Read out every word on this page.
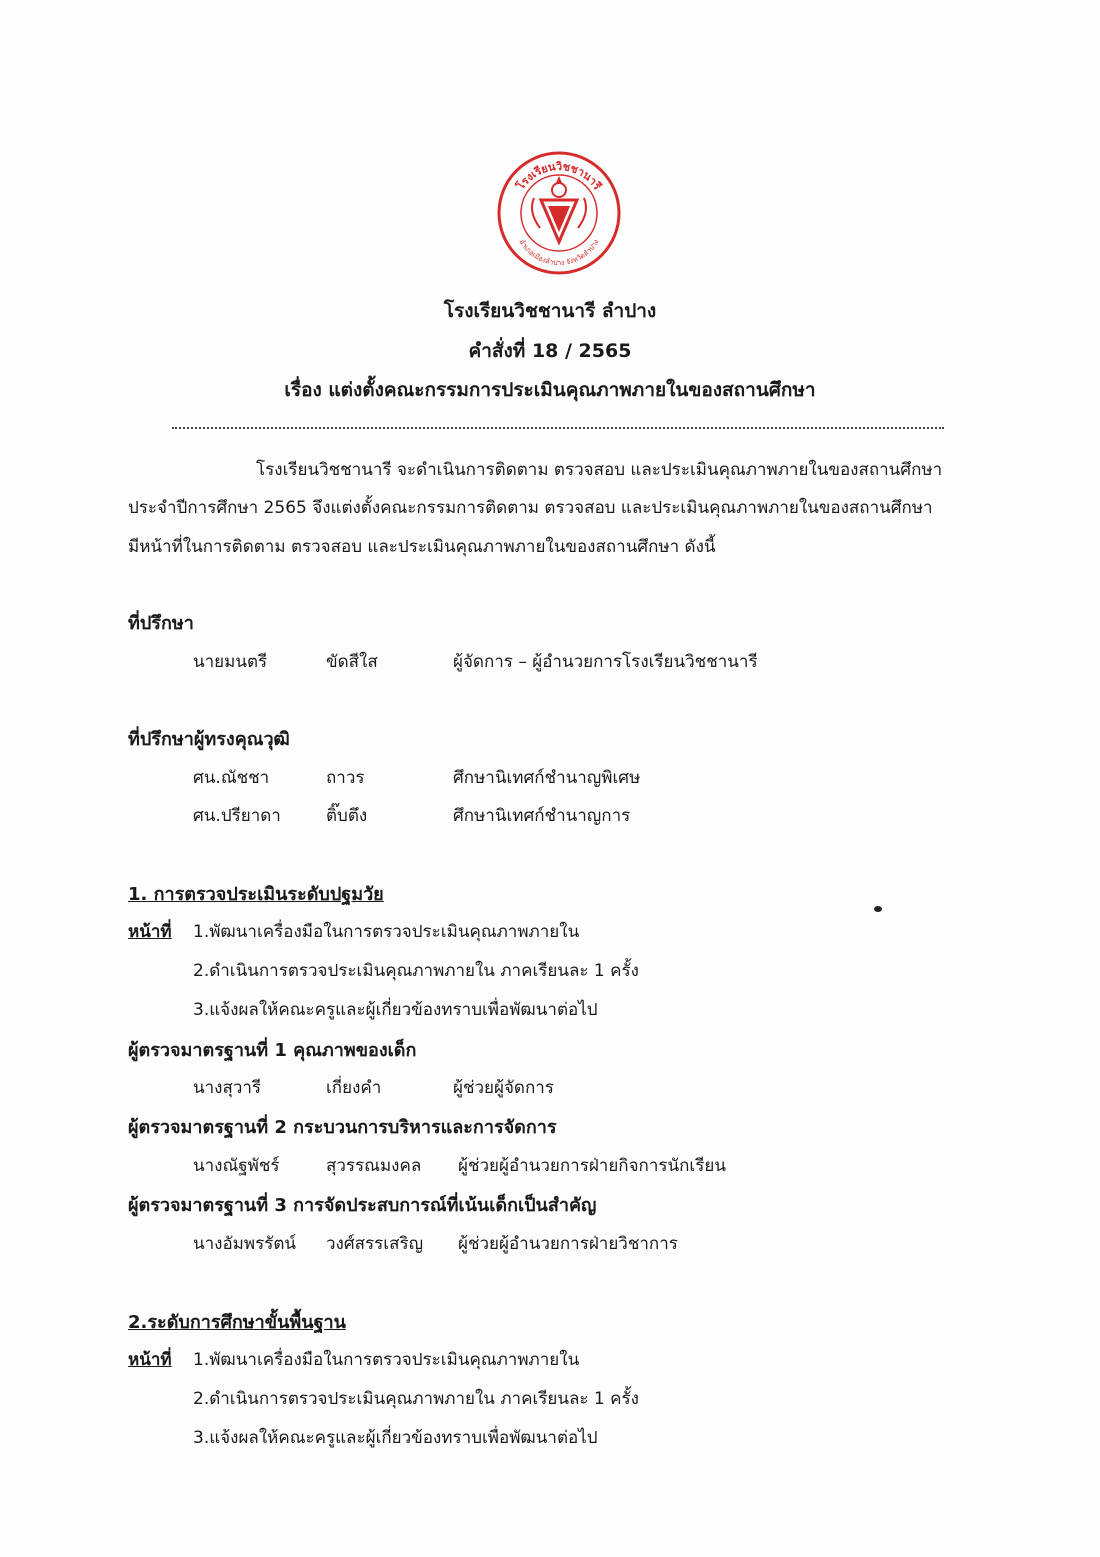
โรงเรียนวิชชานารี
อำเภอเมืองลำปาง จังหวัดลำปาง
โรงเรียนวิชชานารี ลำปาง
คำสั่งที่ 18 / 2565
เรื่อง แต่งตั้งคณะกรรมการประเมินคุณภาพภายในของสถานศึกษา
โรงเรียนวิชชานารี จะดำเนินการติดตาม ตรวจสอบ และประเมินคุณภาพภายในของสถานศึกษา
ประจำปีการศึกษา 2565 จึงแต่งตั้งคณะกรรมการติดตาม ตรวจสอบ และประเมินคุณภาพภายในของสถานศึกษา
มีหน้าที่ในการติดตาม ตรวจสอบ และประเมินคุณภาพภายในของสถานศึกษา ดังนี้
ที่ปรึกษา
นายมนตรี	ขัดสีใส	ผู้จัดการ – ผู้อำนวยการโรงเรียนวิชชานารี
ที่ปรึกษาผู้ทรงคุณวุฒิ
ศน.ณัชชา	ถาวร	ศึกษานิเทศก์ชำนาญพิเศษ
ศน.ปรียาดา	ติ๊บตึง	ศึกษานิเทศก์ชำนาญการ
1. การตรวจประเมินระดับปฐมวัย
หน้าที่ 1.พัฒนาเครื่องมือในการตรวจประเมินคุณภาพภายใน
2.ดำเนินการตรวจประเมินคุณภาพภายใน ภาคเรียนละ 1 ครั้ง
3.แจ้งผลให้คณะครูและผู้เกี่ยวข้องทราบเพื่อพัฒนาต่อไป
ผู้ตรวจมาตรฐานที่ 1 คุณภาพของเด็ก
นางสุวารี	เกี่ยงคำ	ผู้ช่วยผู้จัดการ
ผู้ตรวจมาตรฐานที่ 2 กระบวนการบริหารและการจัดการ
นางณัฐพัชร์	สุวรรณมงคล ผู้ช่วยผู้อำนวยการฝ่ายกิจการนักเรียน
ผู้ตรวจมาตรฐานที่ 3 การจัดประสบการณ์ที่เน้นเด็กเป็นสำคัญ
นางอัมพรรัตน์ วงศ์สรรเสริญ ผู้ช่วยผู้อำนวยการฝ่ายวิชาการ
2.ระดับการศึกษาขั้นพื้นฐาน
หน้าที่ 1.พัฒนาเครื่องมือในการตรวจประเมินคุณภาพภายใน
2.ดำเนินการตรวจประเมินคุณภาพภายใน ภาคเรียนละ 1 ครั้ง
3.แจ้งผลให้คณะครูและผู้เกี่ยวข้องทราบเพื่อพัฒนาต่อไป
